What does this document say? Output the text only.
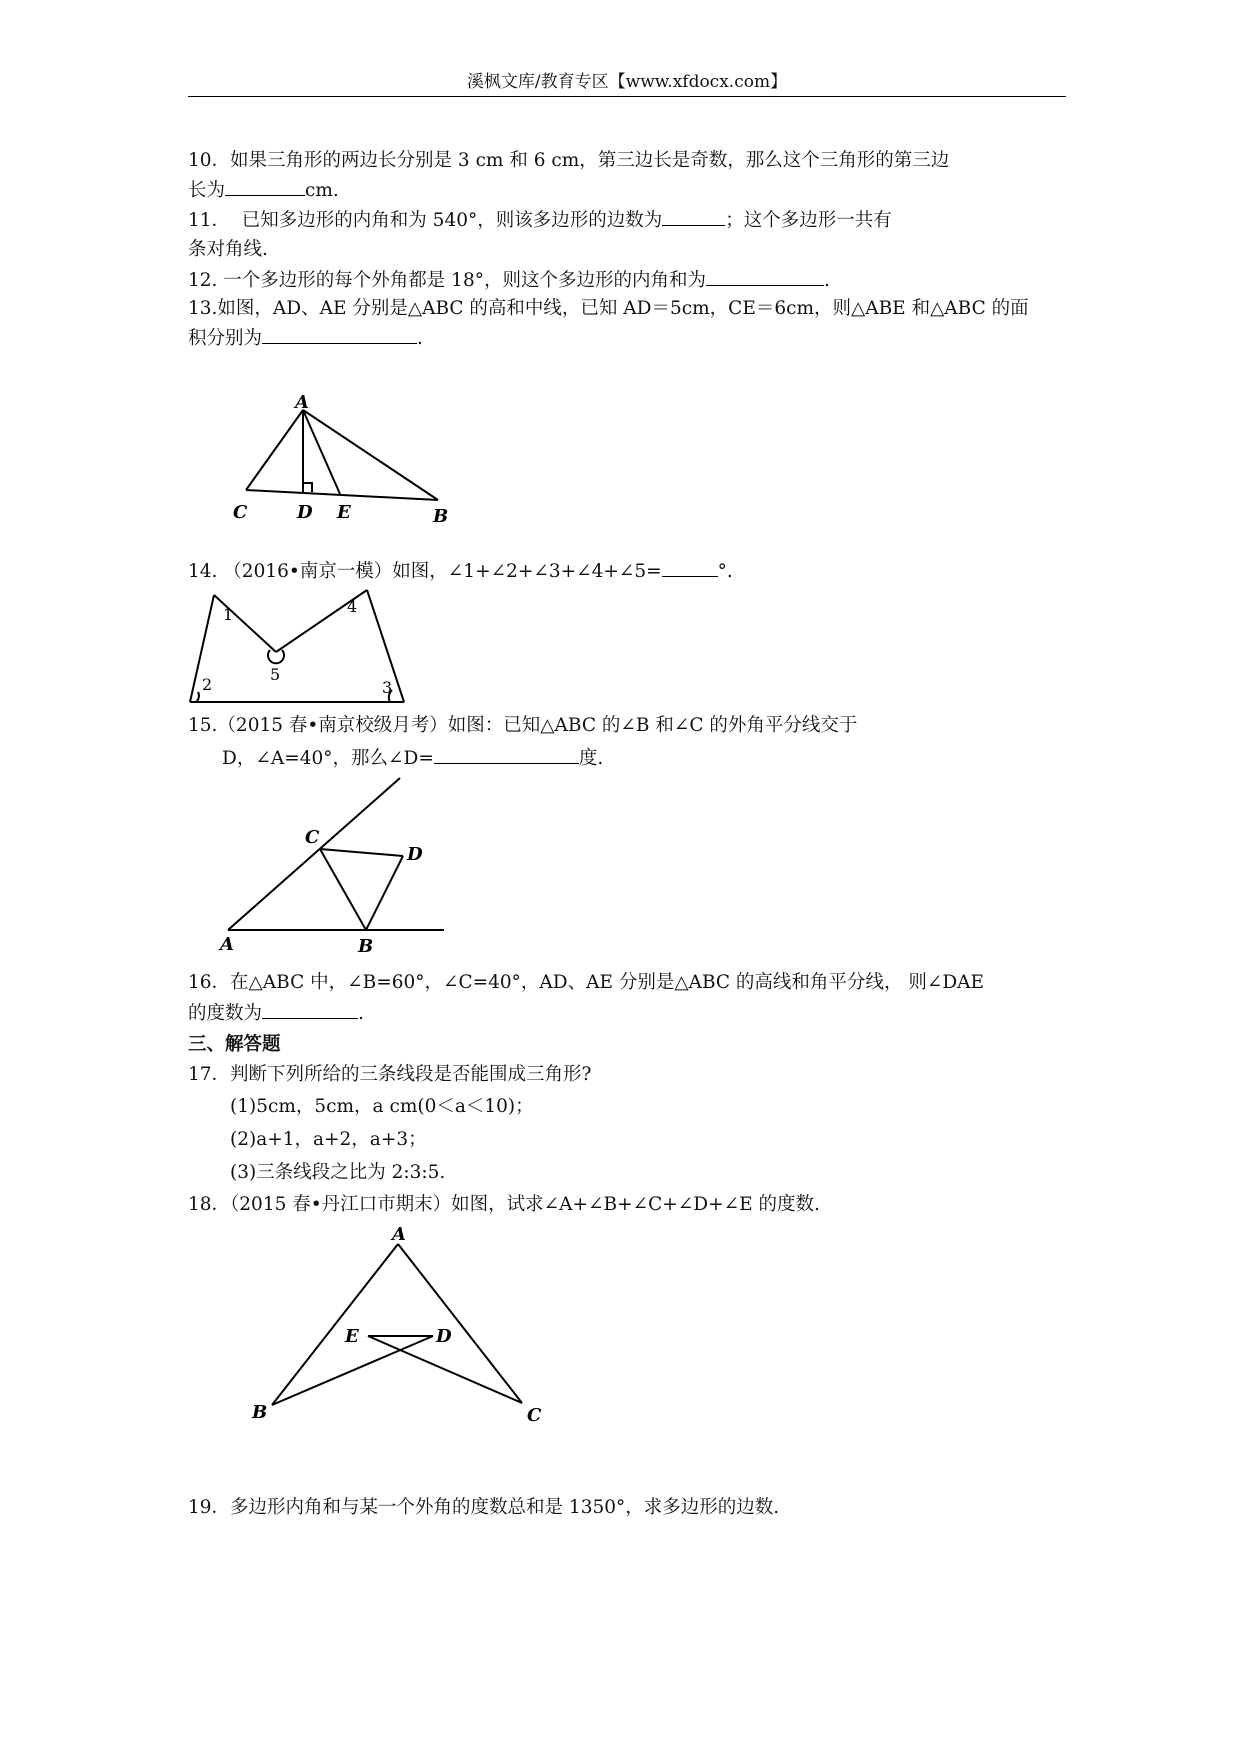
溪枫文库/教育专区【www.xfdocx.com】
10．如果三角形的两边长分别是 3 cm 和 6 cm，第三边长是奇数，那么这个三角形的第三边
长为	cm.
11．  已知多边形的内角和为 540°，则该多边形的边数为	；这个多边形一共有
条对角线.
12. 一个多边形的每个外角都是 18°，则这个多边形的内角和为	.
13.如图，AD、AE 分别是△ABC 的高和中线，已知 AD＝5cm，CE＝6cm，则△ABE 和△ABC 的面
积分别为	.
A
C	D E	B
14. （2016•南京一模）如图，∠1+∠2+∠3+∠4+∠5=	°.
1
2	3
4
5
15.（2015 春•南京校级月考）如图：已知△ABC 的∠B 和∠C 的外角平分线交于
D，∠A=40°，那么∠D=	度.
C
D
A	B
16．在△ABC 中，∠B=60°，∠C=40°，AD、AE 分别是△ABC 的高线和角平分线， 则∠DAE
的度数为	.
三、解答题
17．判断下列所给的三条线段是否能围成三角形?
(1)5cm，5cm，a cm(0＜a＜10)；
(2)a+1，a+2，a+3；
(3)三条线段之比为 2:3:5.
18．（2015 春•丹江口市期末）如图，试求∠A+∠B+∠C+∠D+∠E 的度数.
A
E	D
B	C
19．多边形内角和与某一个外角的度数总和是 1350°，求多边形的边数.
